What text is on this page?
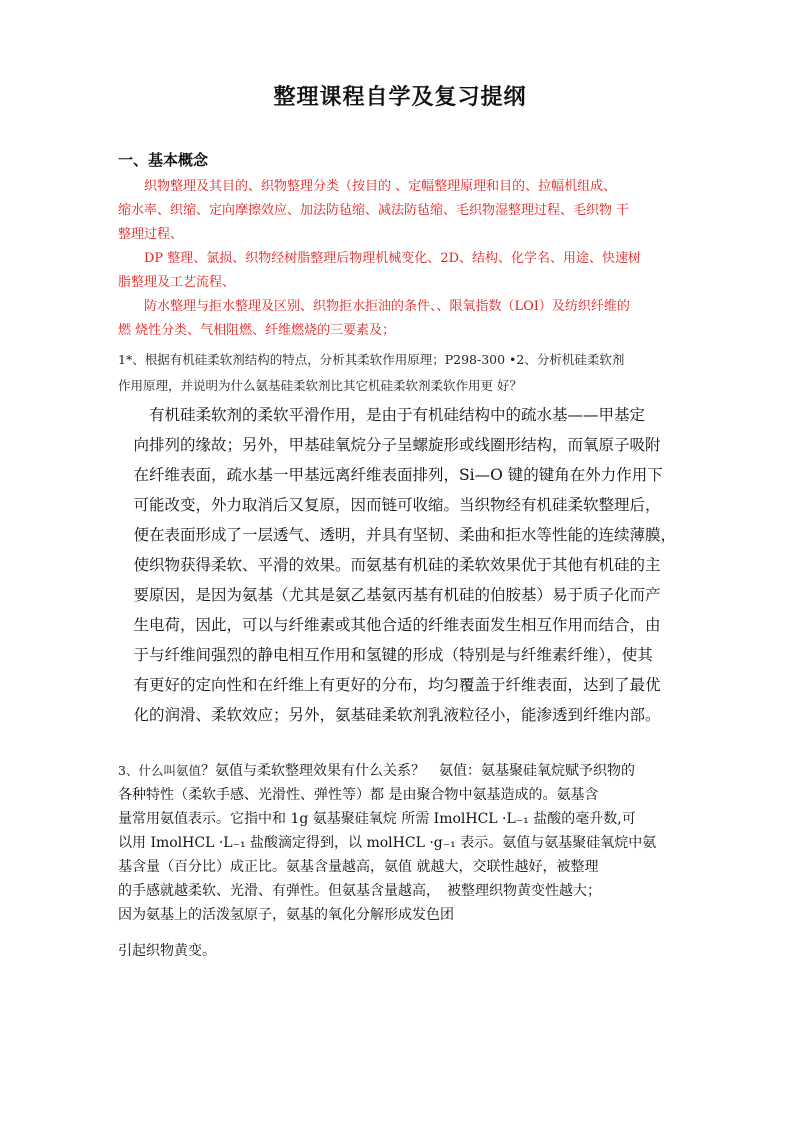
整理课程自学及复习提纲
一、基本概念
　　织物整理及其目的、织物整理分类（按目的 、定幅整理原理和目的、拉幅机组成、
缩水率、织缩、定向摩擦效应、加法防毡缩、减法防毡缩、毛织物湿整理过程、毛织物 干
整理过程、
　　DP 整理、氯损、织物经树脂整理后物理机械变化、2D、结构、化学名、用途、快速树
脂整理及工艺流程、
　　防水整理与拒水整理及区别、织物拒水拒油的条件、、限氧指数（LOI）及纺织纤维的
燃 烧性分类、气相阻燃、纤维燃烧的三要素及；
1*、根据有机硅柔软剂结构的特点，分析其柔软作用原理；P298-300 •2、分析机硅柔软剂
作用原理，并说明为什么氨基硅柔软剂比其它机硅柔软剂柔软作用更 好？
　　有机硅柔软剂的柔软平滑作用，是由于有机硅结构中的疏水基——甲基定
　向排列的缘故；另外，甲基硅氧烷分子呈螺旋形或线圈形结构，而氧原子吸附
　在纤维表面，疏水基一甲基远离纤维表面排列，Si—O 键的键角在外力作用下
　可能改变，外力取消后又复原，因而链可收缩。当织物经有机硅柔软整理后，
　便在表面形成了一层透气、透明，并具有坚韧、柔曲和拒水等性能的连续薄膜，
　使织物获得柔软、平滑的效果。而氨基有机硅的柔软效果优于其他有机硅的主
　要原因，是因为氨基（尤其是氨乙基氨丙基有机硅的伯胺基）易于质子化而产
　生电荷，因此，可以与纤维素或其他合适的纤维表面发生相互作用而结合，由
　于与纤维间强烈的静电相互作用和氢键的形成（特别是与纤维素纤维），使其
　有更好的定向性和在纤维上有更好的分布，均匀覆盖于纤维表面，达到了最优
　化的润滑、柔软效应；另外，氨基硅柔软剂乳液粒径小，能渗透到纤维内部。
3、什么叫氨值？氨值与柔软整理效果有什么关系？　氨值：氨基聚硅氧烷赋予织物的
各种特性（柔软手感、光滑性、弹性等）都 是由聚合物中氨基造成的。氨基含
量常用氨值表示。它指中和 1g 氨基聚硅氧烷 所需 ImolHCL ·L₋₁ 盐酸的毫升数,可
以用 ImolHCL ·L₋₁ 盐酸滴定得到，以 molHCL ·g₋₁ 表示。氨值与氨基聚硅氧烷中氨
基含量（百分比）成正比。氨基含量越高，氨值 就越大，交联性越好，被整理
的手感就越柔软、光滑、有弹性。但氨基含量越高，　被整理织物黄变性越大；
因为氨基上的活泼氢原子，氨基的氧化分解形成发色团
引起织物黄变。
